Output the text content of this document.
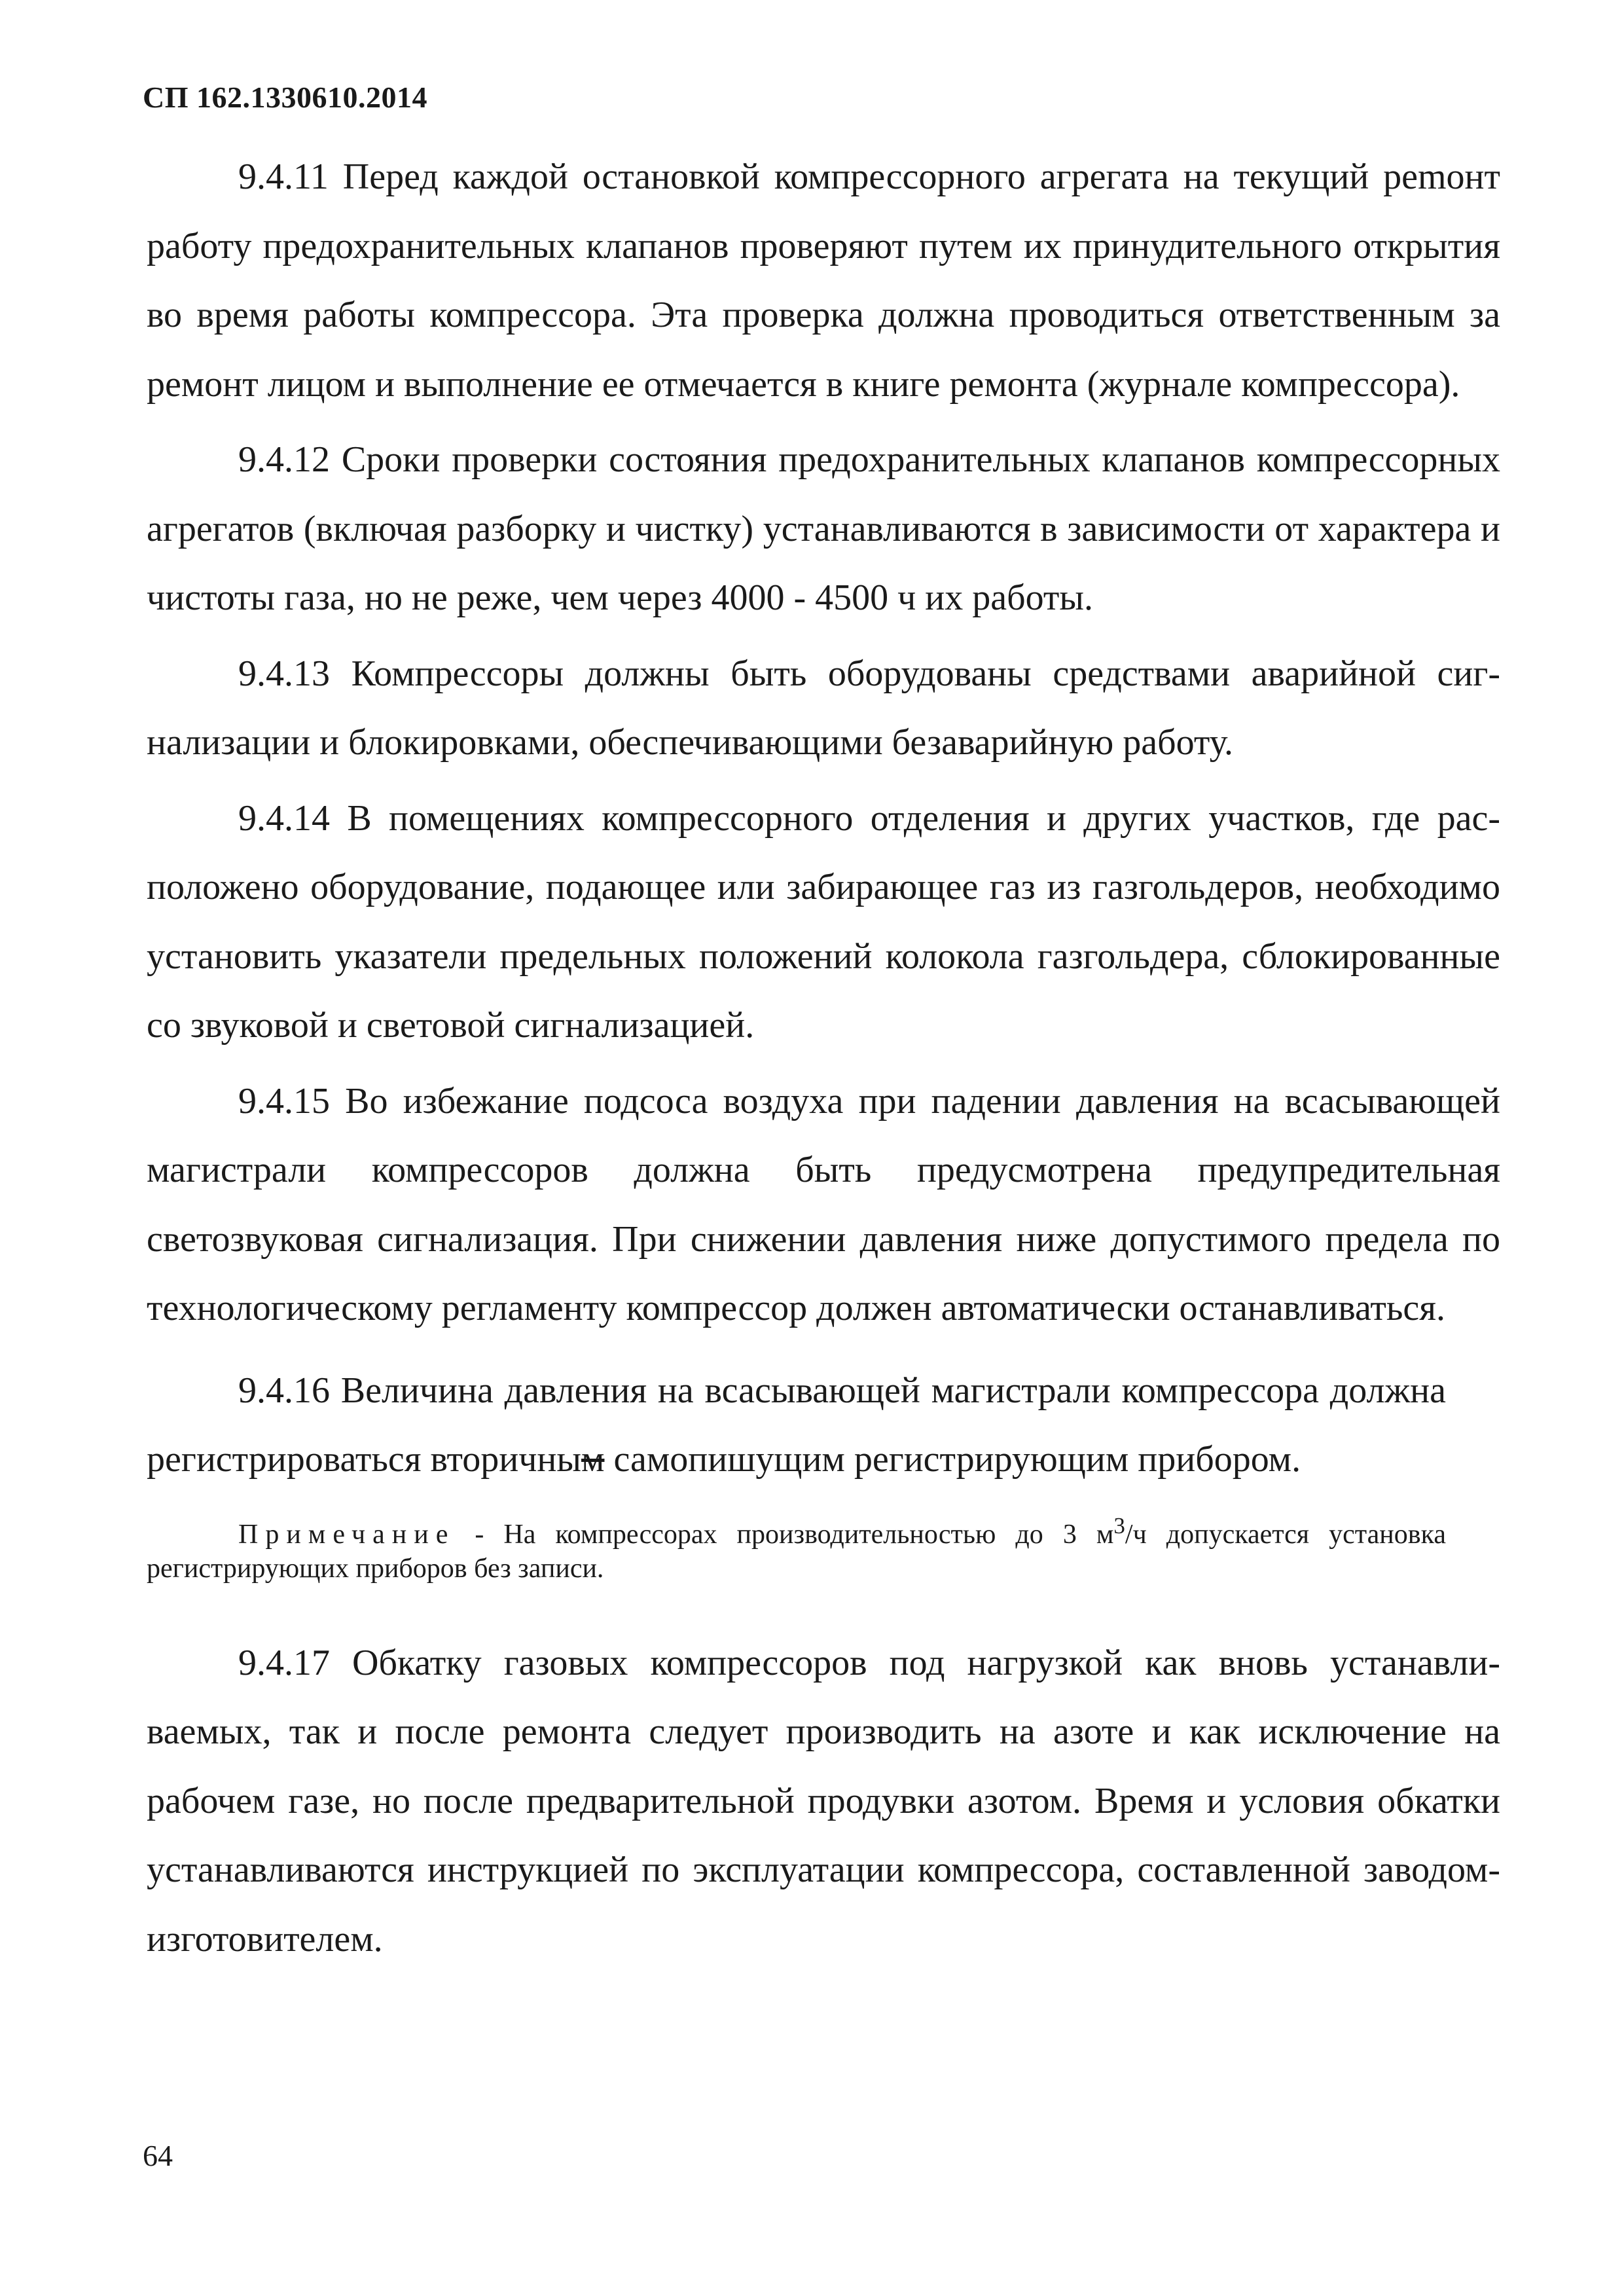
СП 162.1330610.2014

9.4.11 Перед каждой остановкой компрессорного агрегата на текущий реmонт работу предохранительных клапанов проверяют путем их принудительного открытия во время работы компрессора. Эта проверка должна проводиться ответственным за ремонт лицом и выполнение ее отмечается в книге ремонта (журнале компрессора).

9.4.12 Сроки проверки состояния предохранительных клапанов компрессорных агрегатов (включая разборку и чистку) устанавливаются в зависимости от характера и чистоты газа, но не реже, чем через 4000 - 4500 ч их работы.

9.4.13 Компрессоры должны быть оборудованы средствами аварийной сигнализации и блокировками, обеспечивающими безаварийную работу.

9.4.14 В помещениях компрессорного отделения и других участков, где расположено оборудование, подающее или забирающее газ из газгольдеров, необходимо установить указатели предельных положений колокола газгольдера, сблокированные со звуковой и световой сигнализацией.

9.4.15 Во избежание подсоса воздуха при падении давления на всасывающей магистрали компрессоров должна быть предусмотрена предупредительная светозвуковая сигнализация. При снижении давления ниже допустимого предела по технологическому регламенту компрессор должен автоматически останавливаться.

9.4.16 Величина давления на всасывающей магистрали компрессора должна регистрироваться вторичным самопишущим регистрирующим прибором.

Примечание - На компрессорах производительностью до 3 $м^3/ч$ допускается установка регистрирующих приборов без записи.

9.4.17 Обкатку газовых компрессоров под нагрузкой как вновь устанавливаемых, так и после ремонта следует производить на азоте и как исключение на рабочем газе, но после предварительной продувки азотом. Время и условия обкатки устанавливаются инструкцией по эксплуатации компрессора, составленной заводом-изготовителем.

64
